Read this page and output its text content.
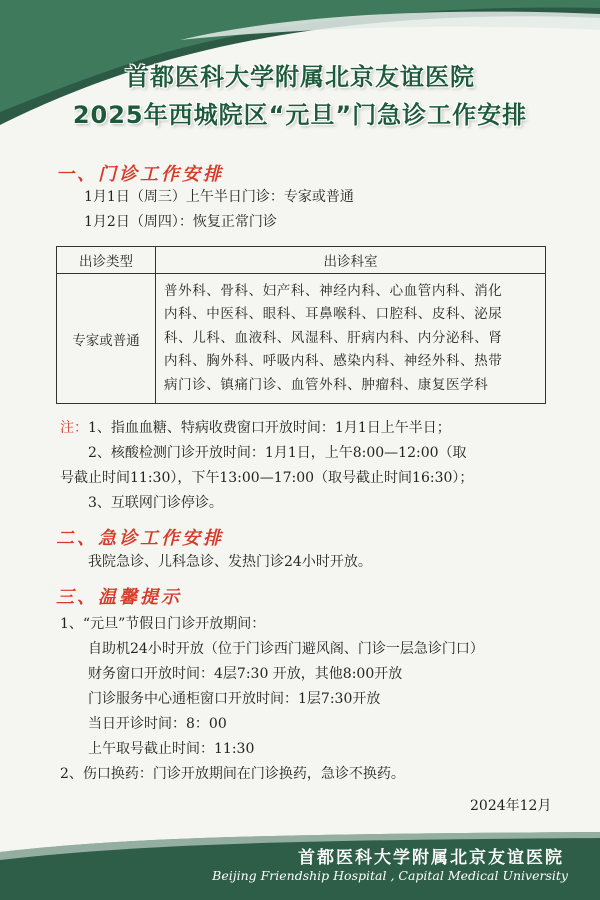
首都医科大学附属北京友谊医院
2025年西城院区“元旦”门急诊工作安排
一、门诊工作安排
1月1日（周三）上午半日门诊：专家或普通
1月2日（周四）：恢复正常门诊
出诊类型	出诊科室
专家或普通	普外科、骨科、妇产科、神经内科、心血管内科、消化
内科、中医科、眼科、耳鼻喉科、口腔科、皮科、泌尿
科、儿科、血液科、风湿科、肝病内科、内分泌科、肾
内科、胸外科、呼吸内科、感染内科、神经外科、热带
病门诊、镇痛门诊、血管外科、肿瘤科、康复医学科
注：1、指血血糖、特病收费窗口开放时间：1月1日上午半日；
2、核酸检测门诊开放时间：1月1日，上午8:00—12:00（取
号截止时间11:30），下午13:00—17:00（取号截止时间16:30）；
3、互联网门诊停诊。
二、急诊工作安排
我院急诊、儿科急诊、发热门诊24小时开放。
三、温馨提示
1、“元旦”节假日门诊开放期间：
自助机24小时开放（位于门诊西门避风阁、门诊一层急诊门口）
财务窗口开放时间：4层7:30 开放，其他8:00开放
门诊服务中心通柜窗口开放时间：1层7:30开放
当日开诊时间：8：00
上午取号截止时间：11:30
2、伤口换药：门诊开放期间在门诊换药，急诊不换药。
2024年12月
首都医科大学附属北京友谊医院
Beijing Friendship Hospital , Capital Medical University
